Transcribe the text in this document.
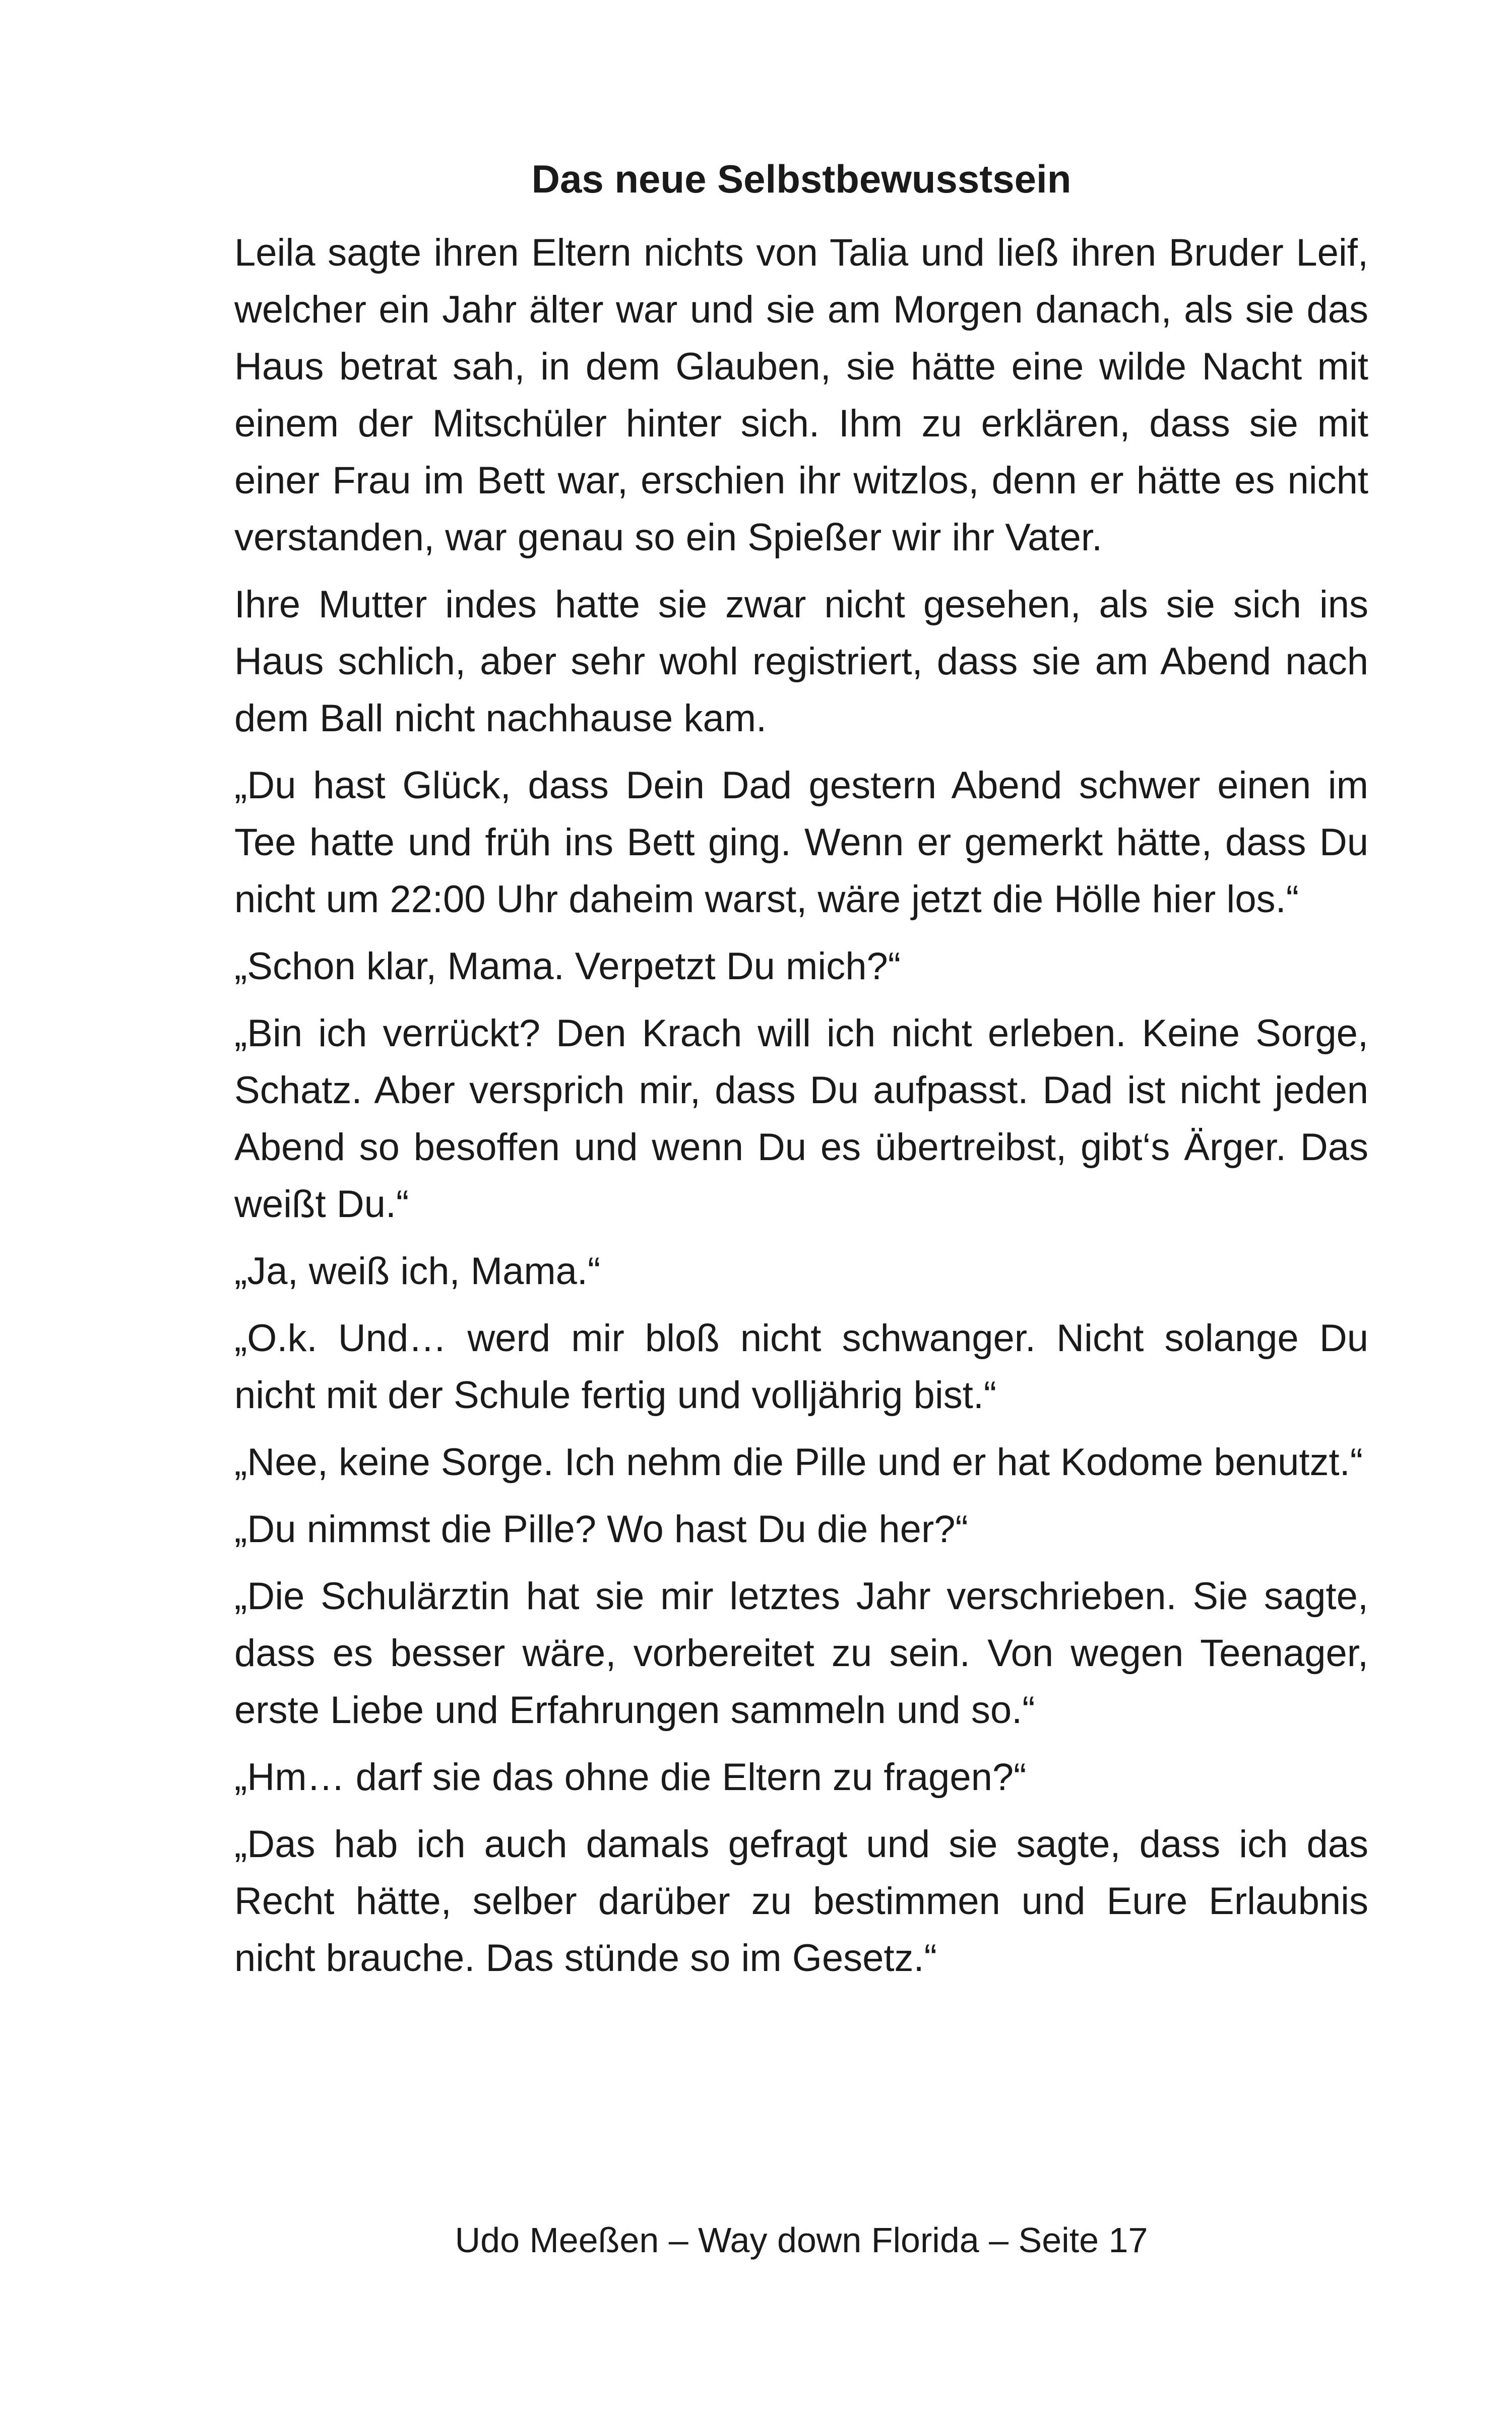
Das neue Selbstbewusstsein

Leila sagte ihren Eltern nichts von Talia und ließ ihren Bruder Leif, welcher ein Jahr älter war und sie am Morgen danach, als sie das Haus betrat sah, in dem Glauben, sie hätte eine wilde Nacht mit einem der Mitschüler hinter sich. Ihm zu erklären, dass sie mit einer Frau im Bett war, erschien ihr witzlos, denn er hätte es nicht verstanden, war genau so ein Spießer wir ihr Vater.

Ihre Mutter indes hatte sie zwar nicht gesehen, als sie sich ins Haus schlich, aber sehr wohl registriert, dass sie am Abend nach dem Ball nicht nachhause kam.

„Du hast Glück, dass Dein Dad gestern Abend schwer einen im Tee hatte und früh ins Bett ging. Wenn er gemerkt hätte, dass Du nicht um 22:00 Uhr daheim warst, wäre jetzt die Hölle hier los.“

„Schon klar, Mama. Verpetzt Du mich?“

„Bin ich verrückt? Den Krach will ich nicht erleben. Keine Sorge, Schatz. Aber versprich mir, dass Du aufpasst. Dad ist nicht jeden Abend so besoffen und wenn Du es übertreibst, gibt‘s Ärger. Das weißt Du.“

„Ja, weiß ich, Mama.“

„O.k. Und… werd mir bloß nicht schwanger. Nicht solange Du nicht mit der Schule fertig und volljährig bist.“

„Nee, keine Sorge. Ich nehm die Pille und er hat Kodome benutzt.“

„Du nimmst die Pille? Wo hast Du die her?“

„Die Schulärztin hat sie mir letztes Jahr verschrieben. Sie sagte, dass es besser wäre, vorbereitet zu sein. Von wegen Teenager, erste Liebe und Erfahrungen sammeln und so.“

„Hm… darf sie das ohne die Eltern zu fragen?“

„Das hab ich auch damals gefragt und sie sagte, dass ich das Recht hätte, selber darüber zu bestimmen und Eure Erlaubnis nicht brauche. Das stünde so im Gesetz.“

Udo Meeßen – Way down Florida – Seite 17
